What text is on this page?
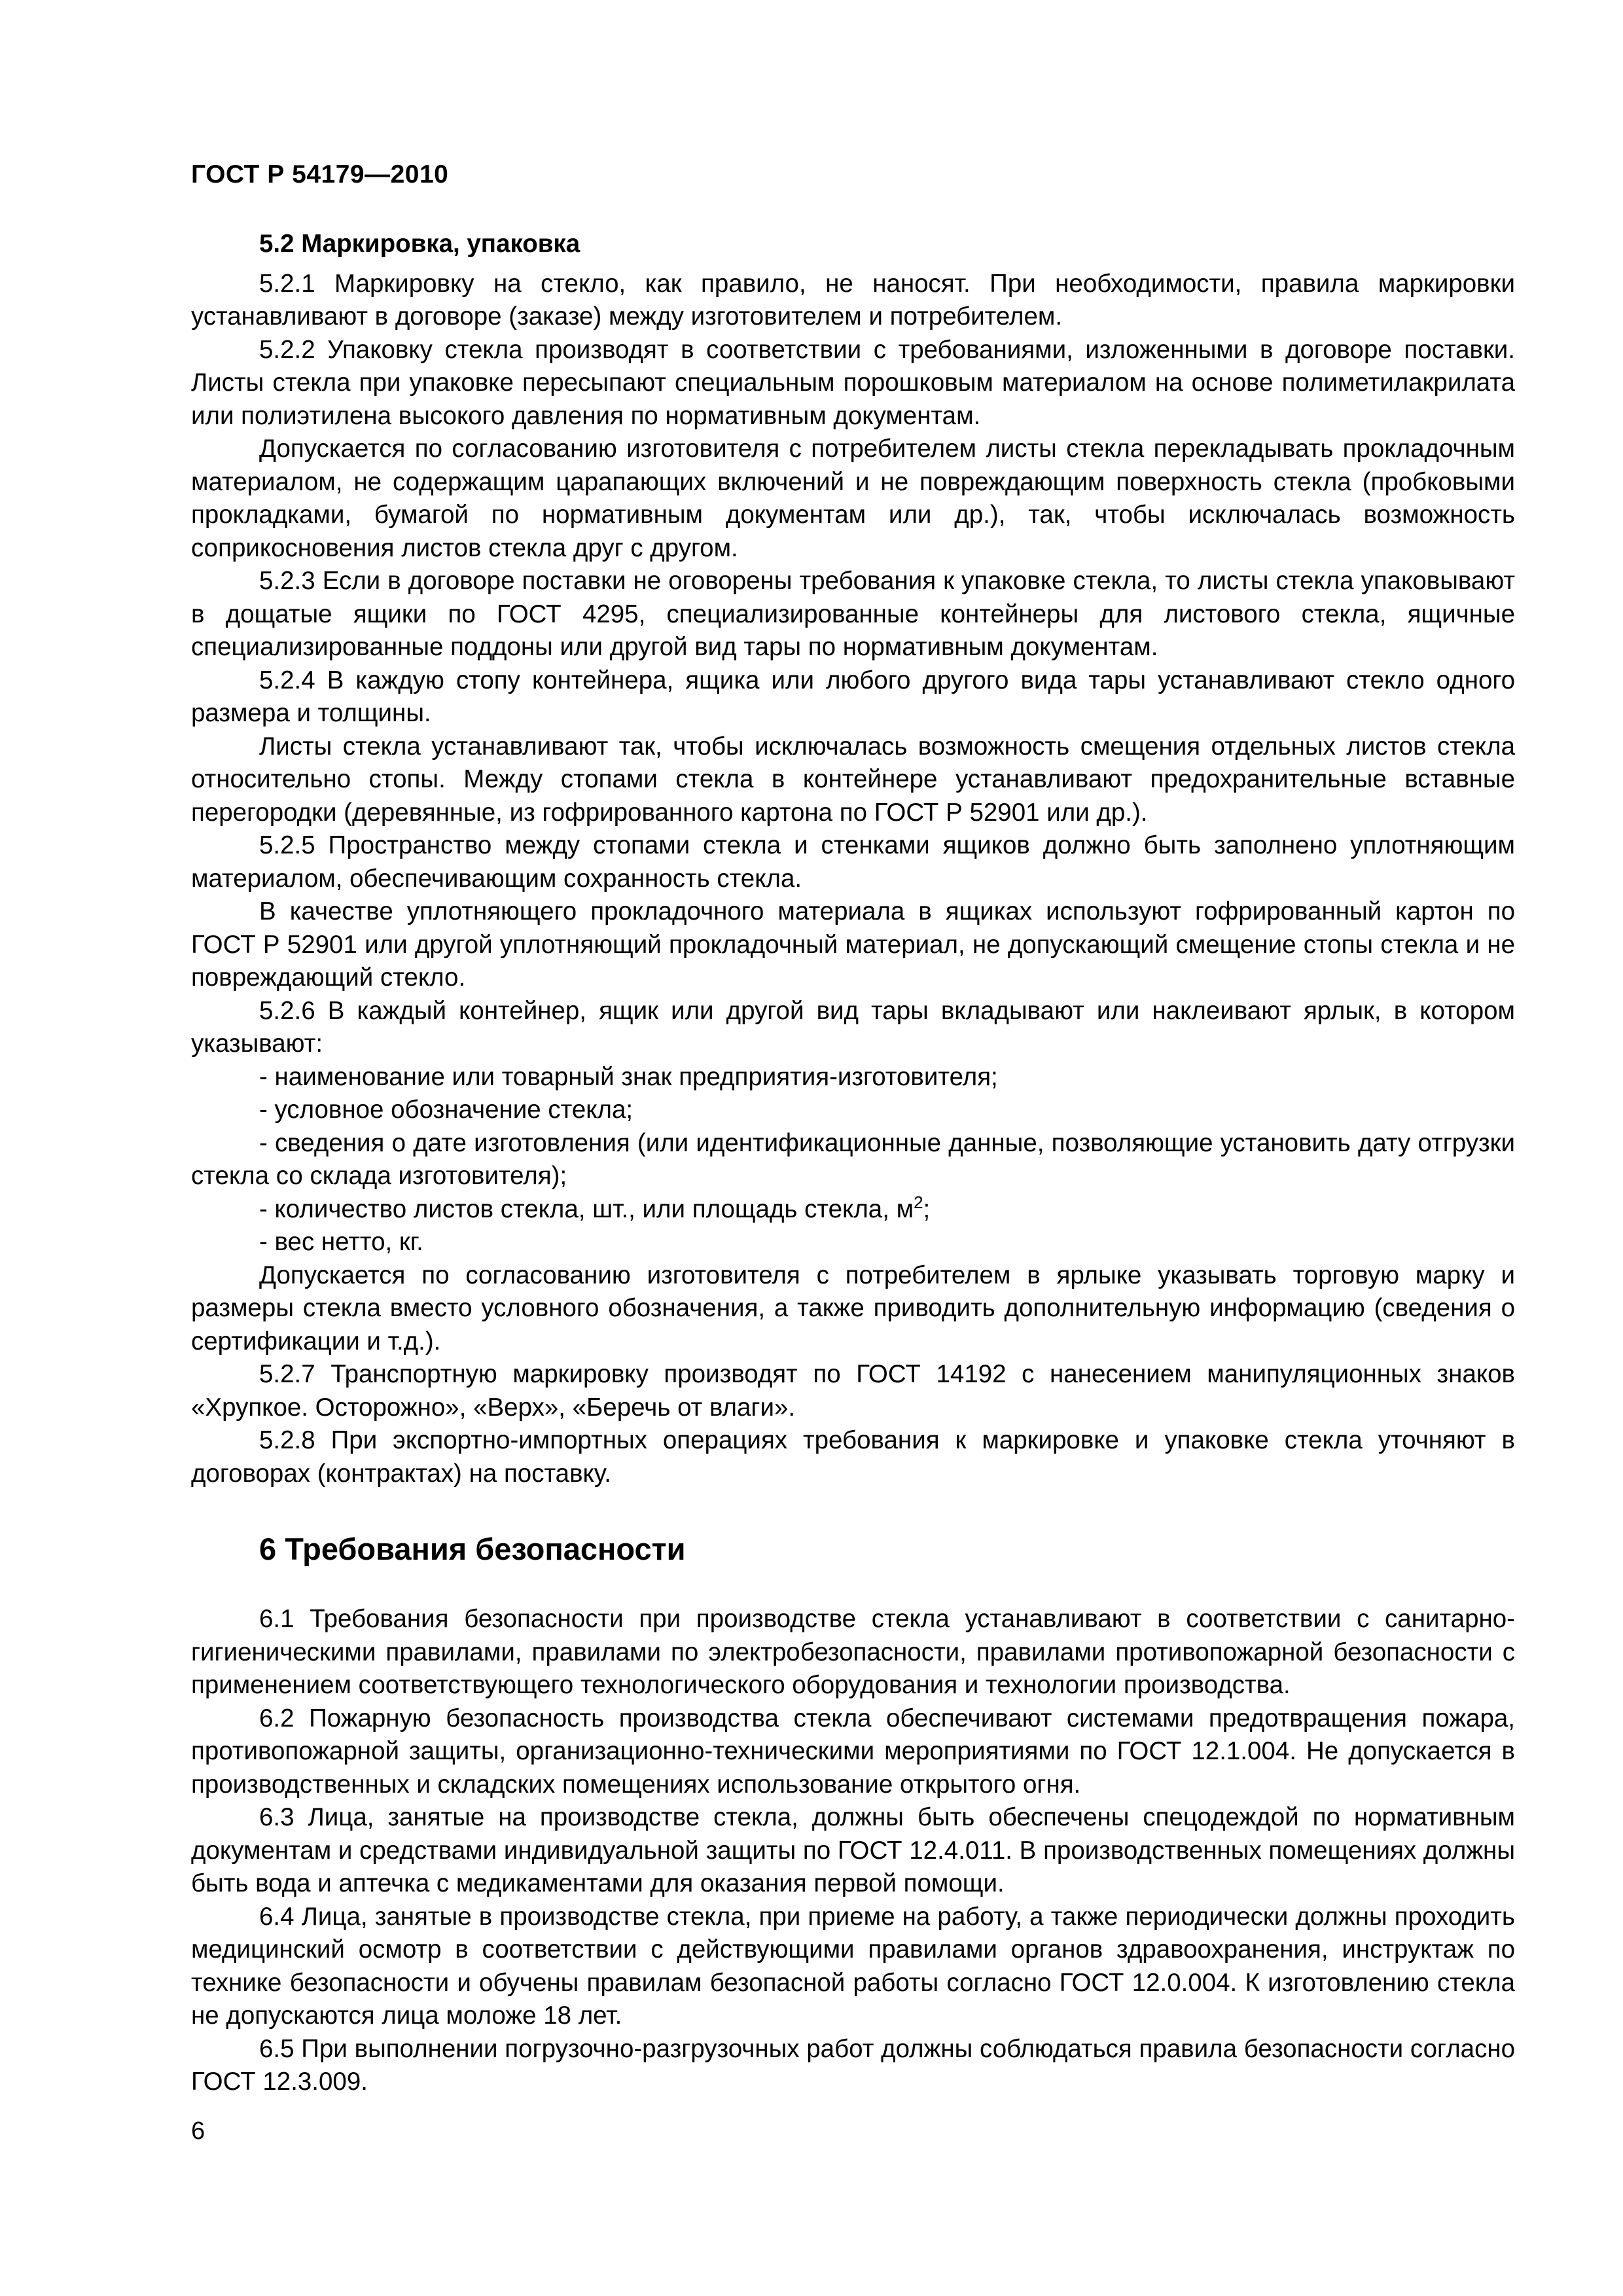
ГОСТ Р 54179—2010
5.2 Маркировка, упаковка

5.2.1 Маркировку на стекло, как правило, не наносят. При необходимости, правила маркировки устанавливают в договоре (заказе) между изготовителем и потребителем.

5.2.2 Упаковку стекла производят в соответствии с требованиями, изложенными в договоре поставки. Листы стекла при упаковке пересыпают специальным порошковым материалом на основе полиметилакрилата или полиэтилена высокого давления по нормативным документам.

Допускается по согласованию изготовителя с потребителем листы стекла перекладывать прокладочным материалом, не содержащим царапающих включений и не повреждающим поверхность стекла (пробковыми прокладками, бумагой по нормативным документам или др.), так, чтобы исключалась возможность соприкосновения листов стекла друг с другом.

5.2.3 Если в договоре поставки не оговорены требования к упаковке стекла, то листы стекла упаковывают в дощатые ящики по ГОСТ 4295, специализированные контейнеры для листового стекла, ящичные специализированные поддоны или другой вид тары по нормативным документам.

5.2.4 В каждую стопу контейнера, ящика или любого другого вида тары устанавливают стекло одного размера и толщины.

Листы стекла устанавливают так, чтобы исключалась возможность смещения отдельных листов стекла относительно стопы. Между стопами стекла в контейнере устанавливают предохранительные вставные перегородки (деревянные, из гофрированного картона по ГОСТ Р 52901 или др.).

5.2.5 Пространство между стопами стекла и стенками ящиков должно быть заполнено уплотняющим материалом, обеспечивающим сохранность стекла.

В качестве уплотняющего прокладочного материала в ящиках используют гофрированный картон по ГОСТ Р 52901 или другой уплотняющий прокладочный материал, не допускающий смещение стопы стекла и не повреждающий стекло.

5.2.6 В каждый контейнер, ящик или другой вид тары вкладывают или наклеивают ярлык, в котором указывают:

- наименование или товарный знак предприятия-изготовителя;

- условное обозначение стекла;

- сведения о дате изготовления (или идентификационные данные, позволяющие установить дату отгрузки стекла со склада изготовителя);

- количество листов стекла, шт., или площадь стекла, $м^2$;

- вес нетто, кг.

Допускается по согласованию изготовителя с потребителем в ярлыке указывать торговую марку и размеры стекла вместо условного обозначения, а также приводить дополнительную информацию (сведения о сертификации и т.д.).

5.2.7 Транспортную маркировку производят по ГОСТ 14192 с нанесением манипуляционных знаков «Хрупкое. Осторожно», «Верх», «Беречь от влаги».

5.2.8 При экспортно-импортных операциях требования к маркировке и упаковке стекла уточняют в договорах (контрактах) на поставку.

6 Требования безопасности

6.1 Требования безопасности при производстве стекла устанавливают в соответствии с санитарно-гигиеническими правилами, правилами по электробезопасности, правилами противопожарной безопасности с применением соответствующего технологического оборудования и технологии производства.

6.2 Пожарную безопасность производства стекла обеспечивают системами предотвращения пожара, противопожарной защиты, организационно-техническими мероприятиями по ГОСТ 12.1.004. Не допускается в производственных и складских помещениях использование открытого огня.

6.3 Лица, занятые на производстве стекла, должны быть обеспечены спецодеждой по нормативным документам и средствами индивидуальной защиты по ГОСТ 12.4.011. В производственных помещениях должны быть вода и аптечка с медикаментами для оказания первой помощи.

6.4 Лица, занятые в производстве стекла, при приеме на работу, а также периодически должны проходить медицинский осмотр в соответствии с действующими правилами органов здравоохранения, инструктаж по технике безопасности и обучены правилам безопасной работы согласно ГОСТ 12.0.004. К изготовлению стекла не допускаются лица моложе 18 лет.

6.5 При выполнении погрузочно-разгрузочных работ должны соблюдаться правила безопасности согласно ГОСТ 12.3.009.

6
